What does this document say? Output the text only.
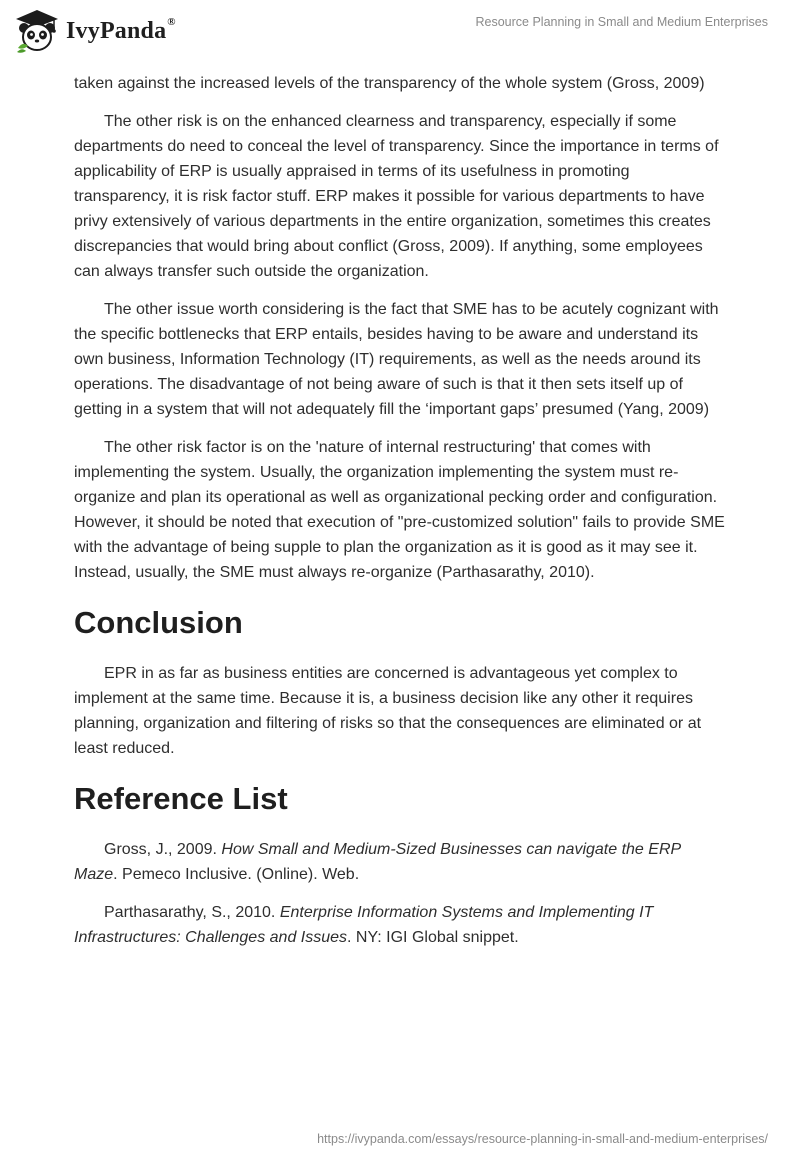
IvyPanda®	Resource Planning in Small and Medium Enterprises

taken against the increased levels of the transparency of the whole system (Gross, 2009)

The other risk is on the enhanced clearness and transparency, especially if some departments do need to conceal the level of transparency. Since the importance in terms of applicability of ERP is usually appraised in terms of its usefulness in promoting transparency, it is risk factor stuff. ERP makes it possible for various departments to have privy extensively of various departments in the entire organization, sometimes this creates discrepancies that would bring about conflict (Gross, 2009). If anything, some employees can always transfer such outside the organization.

The other issue worth considering is the fact that SME has to be acutely cognizant with the specific bottlenecks that ERP entails, besides having to be aware and understand its own business, Information Technology (IT) requirements, as well as the needs around its operations. The disadvantage of not being aware of such is that it then sets itself up of getting in a system that will not adequately fill the ‘important gaps’ presumed (Yang, 2009)

The other risk factor is on the 'nature of internal restructuring' that comes with implementing the system. Usually, the organization implementing the system must re-organize and plan its operational as well as organizational pecking order and configuration. However, it should be noted that execution of "pre-customized solution" fails to provide SME with the advantage of being supple to plan the organization as it is good as it may see it. Instead, usually, the SME must always re-organize (Parthasarathy, 2010).

Conclusion

EPR in as far as business entities are concerned is advantageous yet complex to implement at the same time. Because it is, a business decision like any other it requires planning, organization and filtering of risks so that the consequences are eliminated or at least reduced.

Reference List

Gross, J., 2009. How Small and Medium-Sized Businesses can navigate the ERP Maze. Pemeco Inclusive. (Online). Web.

Parthasarathy, S., 2010. Enterprise Information Systems and Implementing IT Infrastructures: Challenges and Issues. NY: IGI Global snippet.

https://ivypanda.com/essays/resource-planning-in-small-and-medium-enterprises/
